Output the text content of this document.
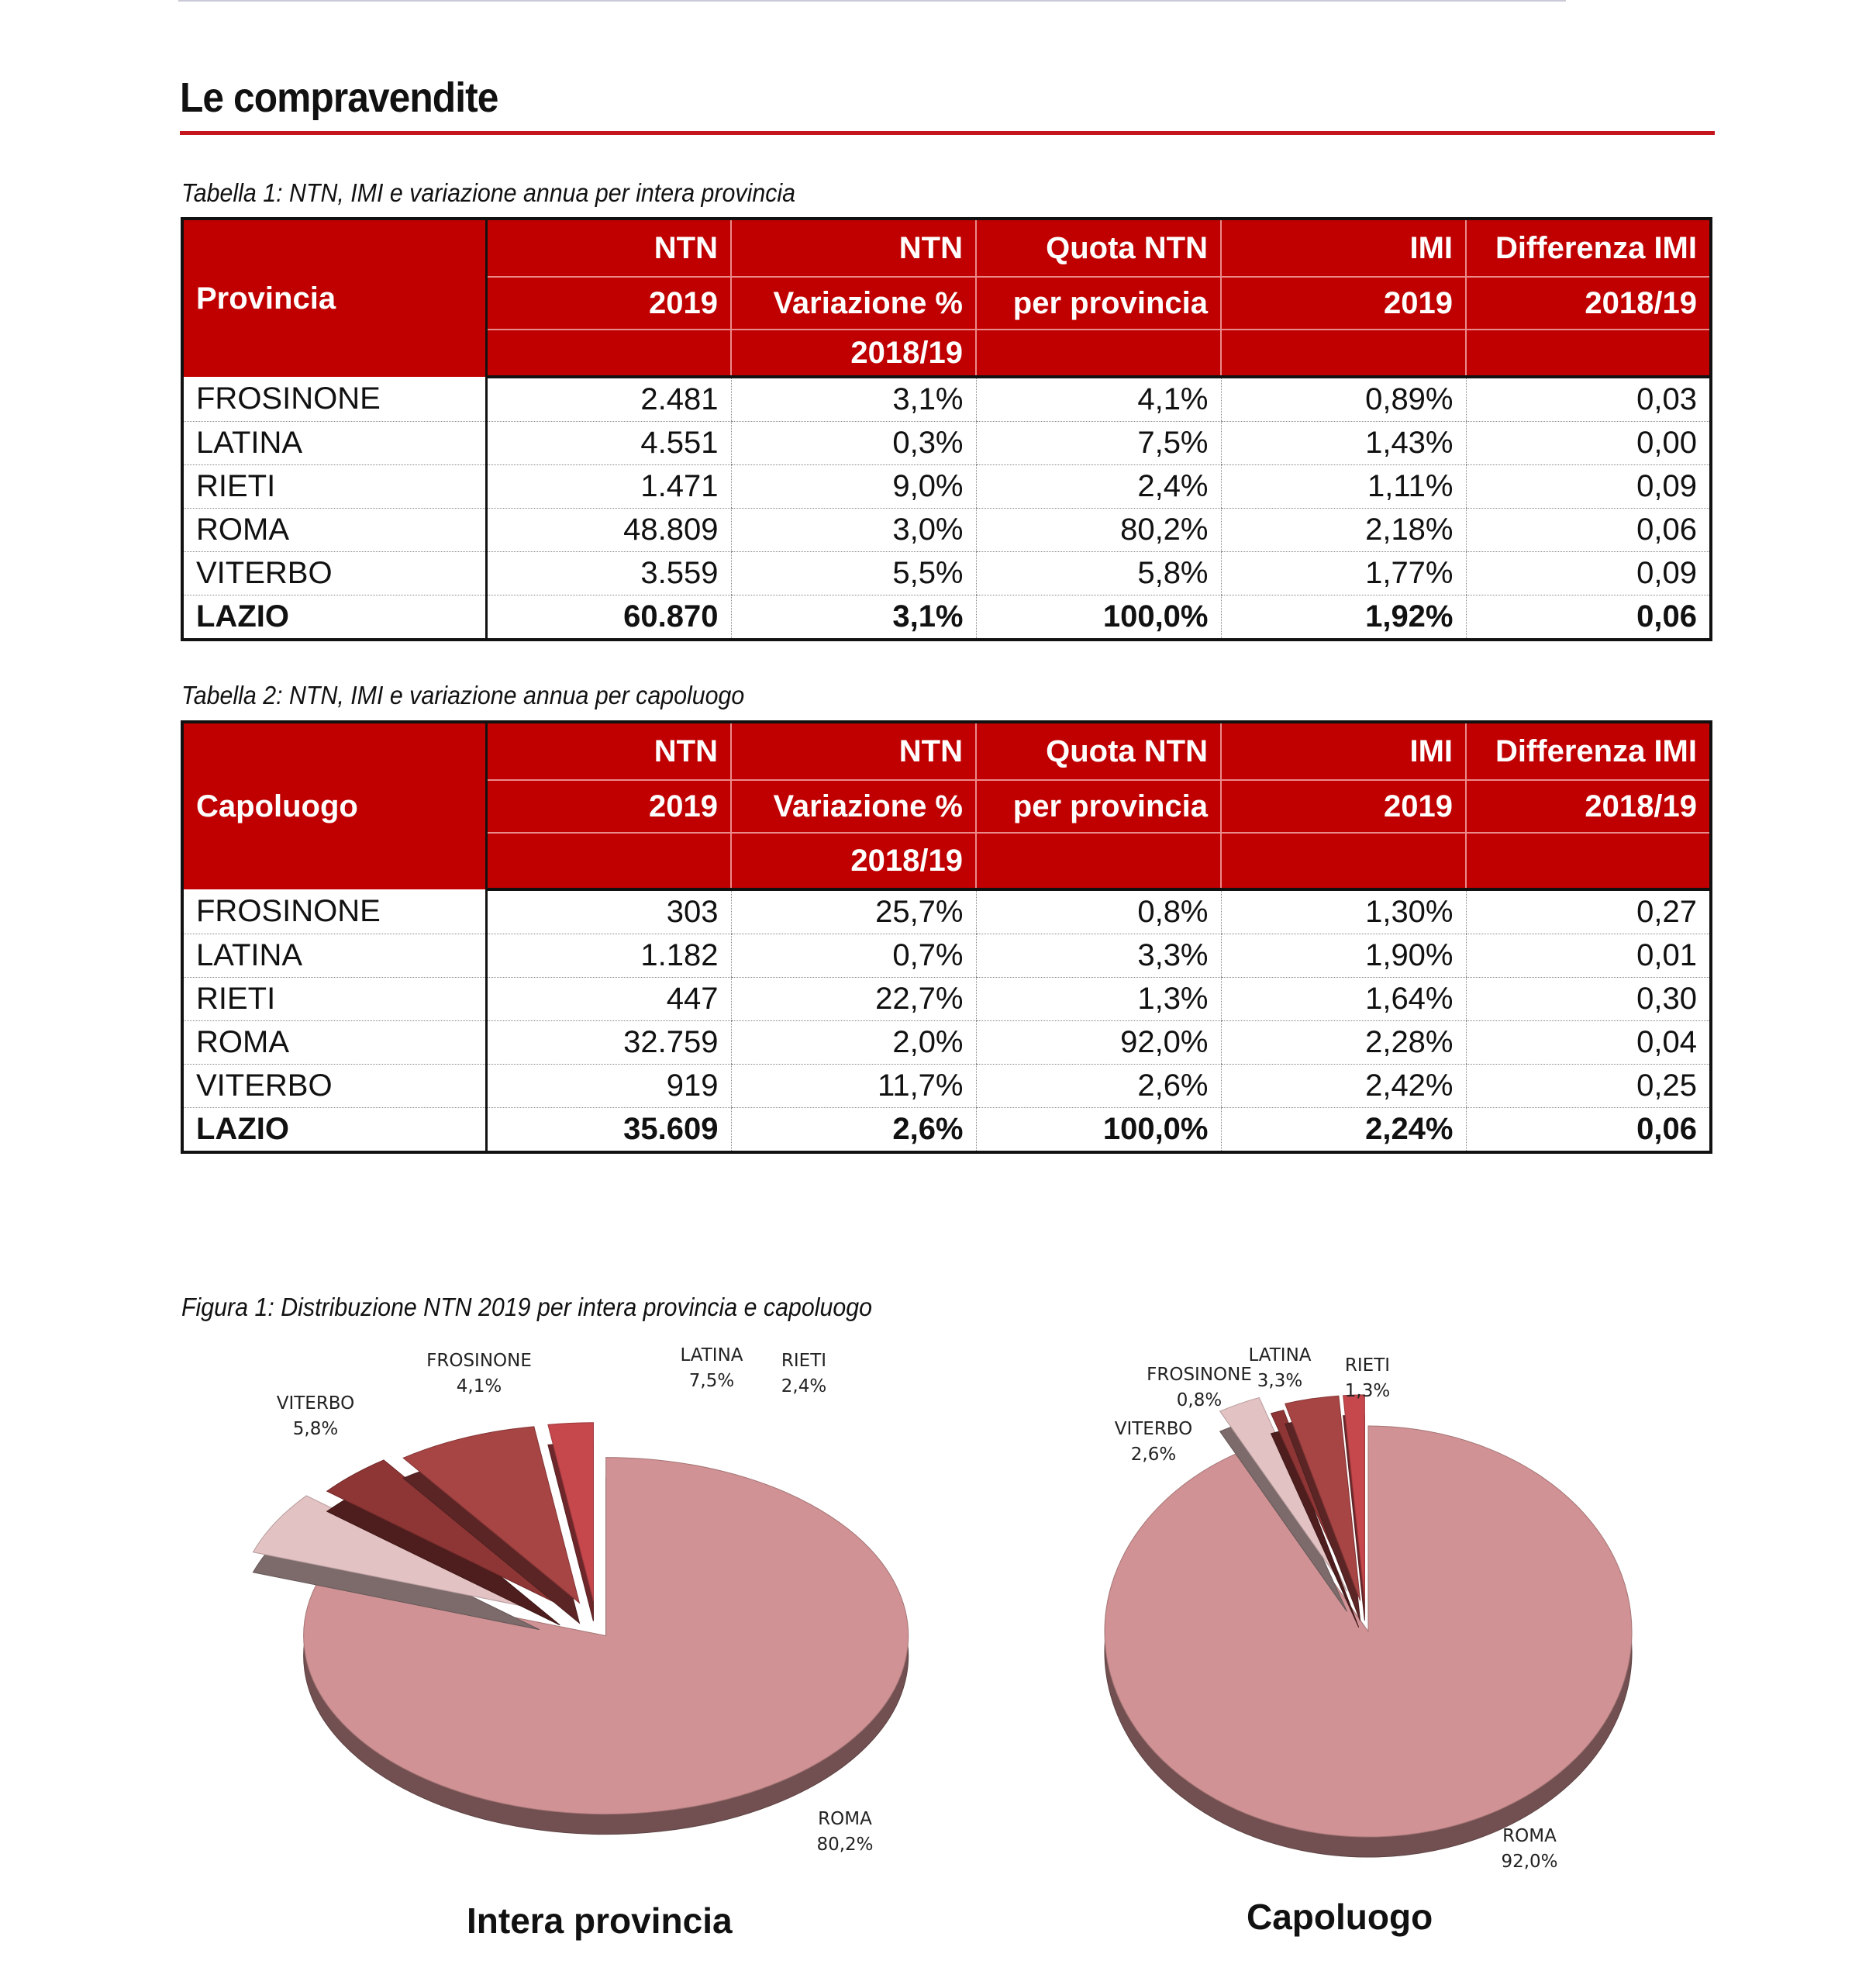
Le compravendite
Tabella 1: NTN, IMI e variazione annua per intera provincia
Provincia	NTN	NTN	Quota NTN	IMI	Differenza IMI
	2019	Variazione %	per provincia	2019	2018/19
		2018/19			
FROSINONE	2.481	3,1%	4,1%	0,89%	0,03
LATINA	4.551	0,3%	7,5%	1,43%	0,00
RIETI	1.471	9,0%	2,4%	1,11%	0,09
ROMA	48.809	3,0%	80,2%	2,18%	0,06
VITERBO	3.559	5,5%	5,8%	1,77%	0,09
LAZIO	60.870	3,1%	100,0%	1,92%	0,06
Tabella 2: NTN, IMI e variazione annua per capoluogo
Capoluogo	NTN	NTN	Quota NTN	IMI	Differenza IMI
	2019	Variazione %	per provincia	2019	2018/19
		2018/19			
FROSINONE	303	25,7%	0,8%	1,30%	0,27
LATINA	1.182	0,7%	3,3%	1,90%	0,01
RIETI	447	22,7%	1,3%	1,64%	0,30
ROMA	32.759	2,0%	92,0%	2,28%	0,04
VITERBO	919	11,7%	2,6%	2,42%	0,25
LAZIO	35.609	2,6%	100,0%	2,24%	0,06
Figura 1: Distribuzione NTN 2019 per intera provincia e capoluogo
ROMA
80,2%
FROSINONE
4,1%
LATINA
7,5%
RIETI
2,4%
VITERBO
5,8%
ROMA
92,0%
FROSINONE
0,8%
LATINA
3,3%
RIETI
1,3%
VITERBO
2,6%
Intera provincia	Capoluogo
